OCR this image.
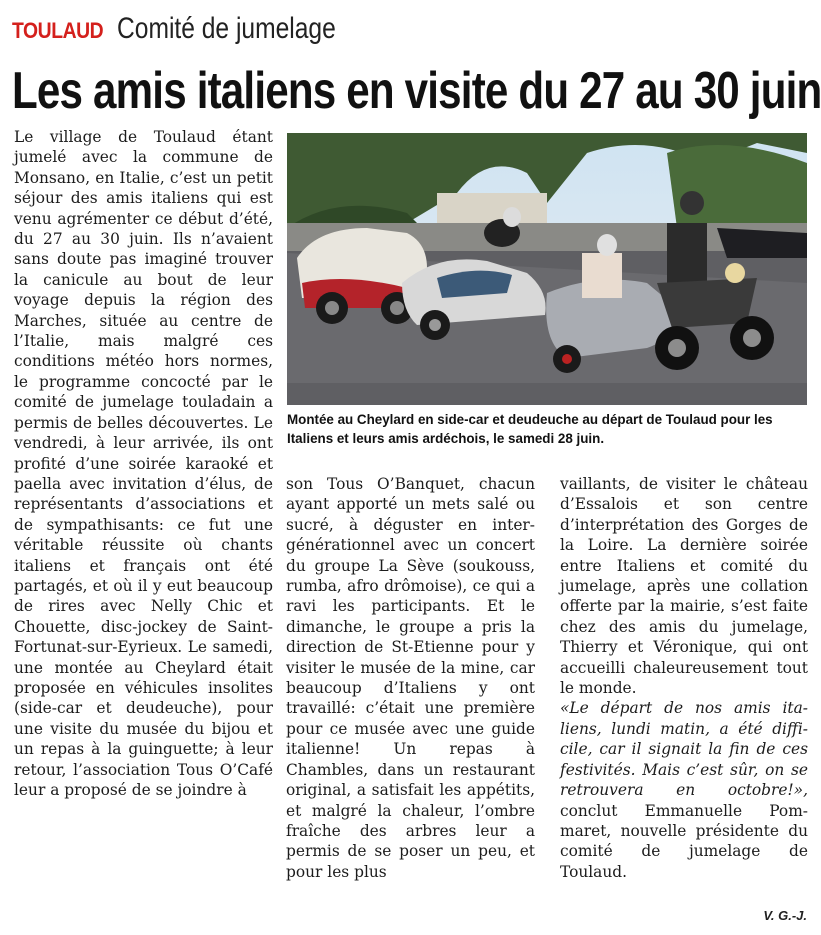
TOULAUD Comité de jumelage
Les amis italiens en visite du 27 au 30 juin

Le village de Toulaud étant jumelé avec la commune de Monsano, en Italie, c’est un petit séjour des amis italiens qui est venu agrémenter ce début d’été, du 27 au 30 juin. Ils n’avaient sans doute pas imaginé trouver la canicule au bout de leur voyage depuis la région des Marches, située au centre de l’Italie, mais malgré ces conditions météo hors normes, le programme concocté par le comité de jumelage touladain a permis de belles découvertes. Le vendredi, à leur arrivée, ils ont profité d’une soirée karaoké et paella avec invitation d’élus, de représentants d’associations et de sympathisants: ce fut une véritable réussite où chants italiens et français ont été partagés, et où il y eut beaucoup de rires avec Nelly Chic et Chouette, disc-jockey de Saint-Fortunat-sur-Eyrieux. Le samedi, une montée au Cheylard était proposée en véhicules insolites (side-car et deudeuche), pour une visite du musée du bijou et un repas à la guinguette; à leur retour, l’association Tous O’Café leur a proposé de se joindre à

Montée au Cheylard en side-car et deudeuche au départ de Toulaud pour les Italiens et leurs amis ardéchois, le samedi 28 juin.

son Tous O’Banquet, chacun ayant apporté un mets salé ou sucré, à déguster en intergénérationnel avec un concert du groupe La Sève (soukouss, rumba, afro drômoise), ce qui a ravi les participants. Et le dimanche, le groupe a pris la direction de St-Etienne pour y visiter le musée de la mine, car beaucoup d’Italiens y ont travaillé: c’était une première pour ce musée avec une guide italienne! Un repas à Chambles, dans un restaurant original, a satisfait les appétits, et malgré la chaleur, l’ombre fraîche des arbres leur a permis de se poser un peu, et pour les plus

vaillants, de visiter le château d’Essalois et son centre d’interprétation des Gorges de la Loire. La dernière soirée entre Italiens et comité du jumelage, après une collation offerte par la mairie, s’est faite chez des amis du jumelage, Thierry et Véronique, qui ont accueilli chaleureusement tout le monde.

«Le départ de nos amis italiens, lundi matin, a été difficile, car il signait la fin de ces festivités. Mais c’est sûr, on se retrouvera en octobre!», conclut Emmanuelle Pommaret, nouvelle présidente du comité de jumelage de Toulaud.

V. G.-J.
